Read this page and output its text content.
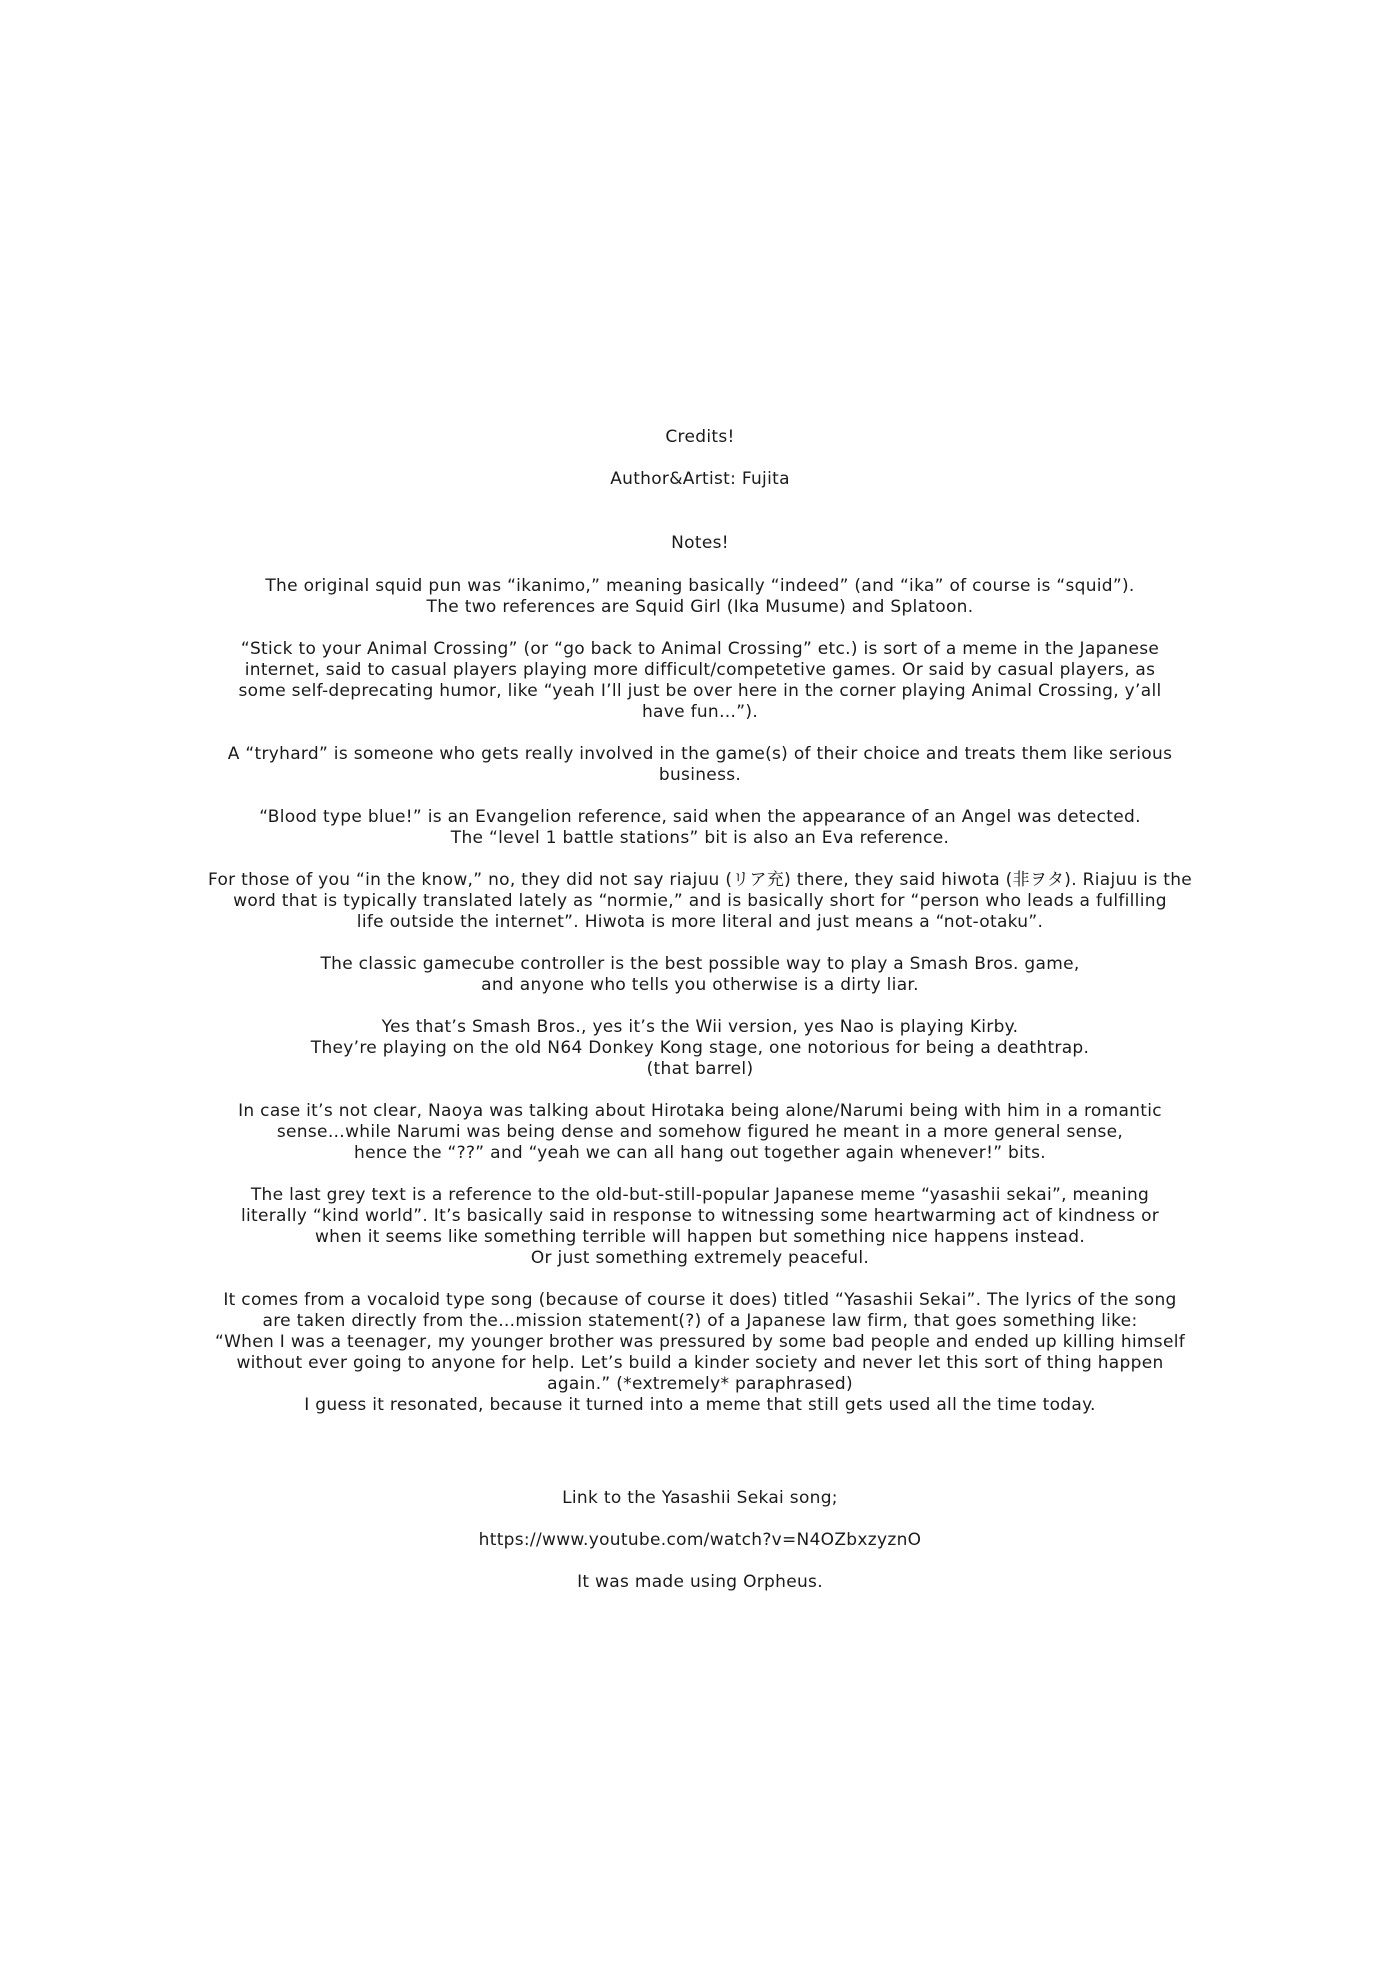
Credits!

Author&Artist: Fujita

Notes!

The original squid pun was “ikanimo,” meaning basically “indeed” (and “ika” of course is “squid”).
The two references are Squid Girl (Ika Musume) and Splatoon.
“Stick to your Animal Crossing” (or “go back to Animal Crossing” etc.) is sort of a meme in the Japanese
internet, said to casual players playing more difficult/competetive games. Or said by casual players, as
some self-deprecating humor, like “yeah I’ll just be over here in the corner playing Animal Crossing, y’all
have fun…”).
A “tryhard” is someone who gets really involved in the game(s) of their choice and treats them like serious
business.
“Blood type blue!” is an Evangelion reference, said when the appearance of an Angel was detected.
The “level 1 battle stations” bit is also an Eva reference.
For those of you “in the know,” no, they did not say riajuu (リア充) there, they said hiwota (非ヲタ). Riajuu is the
word that is typically translated lately as “normie,” and is basically short for “person who leads a fulfilling
life outside the internet”. Hiwota is more literal and just means a “not-otaku”.
The classic gamecube controller is the best possible way to play a Smash Bros. game,
and anyone who tells you otherwise is a dirty liar.
Yes that’s Smash Bros., yes it’s the Wii version, yes Nao is playing Kirby.
They’re playing on the old N64 Donkey Kong stage, one notorious for being a deathtrap.
(that barrel)
In case it’s not clear, Naoya was talking about Hirotaka being alone/Narumi being with him in a romantic
sense…while Narumi was being dense and somehow figured he meant in a more general sense,
hence the “??” and “yeah we can all hang out together again whenever!” bits.
The last grey text is a reference to the old-but-still-popular Japanese meme “yasashii sekai”, meaning
literally “kind world”. It’s basically said in response to witnessing some heartwarming act of kindness or
when it seems like something terrible will happen but something nice happens instead.
Or just something extremely peaceful.
It comes from a vocaloid type song (because of course it does) titled “Yasashii Sekai”. The lyrics of the song
are taken directly from the…mission statement(?) of a Japanese law firm, that goes something like:
“When I was a teenager, my younger brother was pressured by some bad people and ended up killing himself
without ever going to anyone for help. Let’s build a kinder society and never let this sort of thing happen
again.” (*extremely* paraphrased)
I guess it resonated, because it turned into a meme that still gets used all the time today.

Link to the Yasashii Sekai song;

https://www.youtube.com/watch?v=N4OZbxzyznO

It was made using Orpheus.
